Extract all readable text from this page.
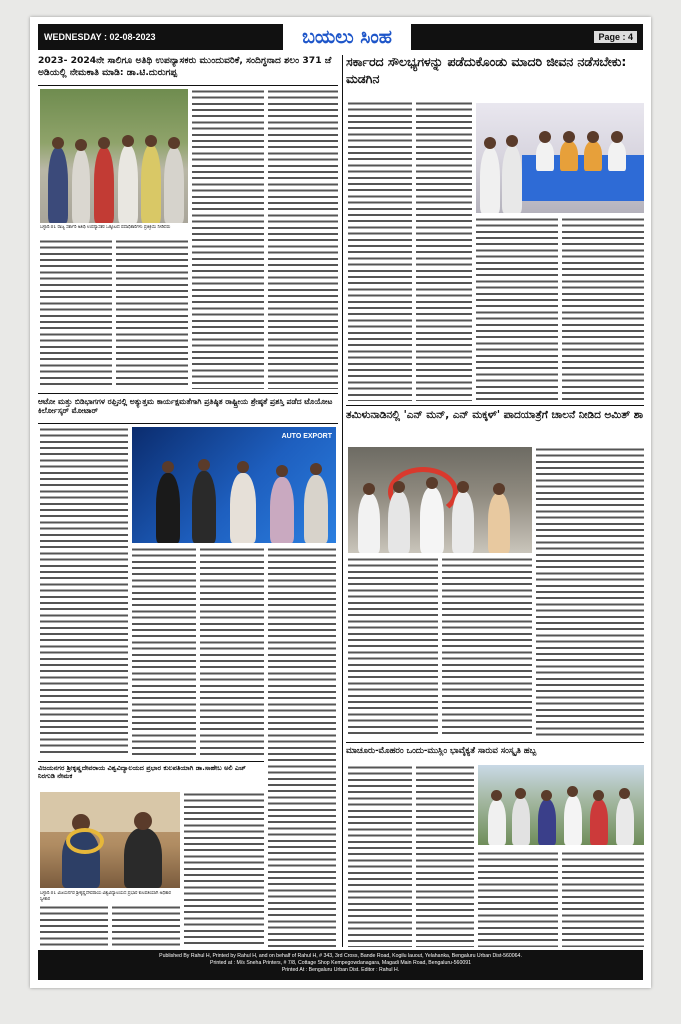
WEDNESDAY : 02-08-2023	ಬಯಲು ಸಿಂಹ	Page : 4
2023- 2024ನೇ ಸಾಲಿಗೂ ಅತಿಥಿ ಉಪನ್ಯಾಸಕರು ಮುಂದುವರಿಕೆ, ಸಂದಿಗ್ಧನಾದ ಶಲಂ 371 ಜೆ ಅಡಿಯಲ್ಲಿ ನೇಮಕಾತಿ ಮಾಡಿ: ಡಾ.ಟಿ.ದುರುಗಪ್ಪ
ಬಳ್ಳಾರಿ.01 ರಾಜ್ಯ ಸರ್ಕಾರಿ ಅತಿಥಿ ಉಪನ್ಯಾಸಕರ ಒಕ್ಕೂಟದ ಪದಾಧಿಕಾರಿಗಳು ಪ್ರತಿಕ್ರಿಯೆ ನೀಡಿದರು
ಆಟೋ ಮತ್ತು ಬಿಡಿಭಾಗಗಳ ರಫ್ತಿನಲ್ಲಿ ಅತ್ಯುತ್ತಮ ಕಾರ್ಯಕ್ಷಮತೆಗಾಗಿ ಪ್ರತಿಷ್ಠಿತ ರಾಷ್ಟ್ರೀಯ ಶ್ರೇಷ್ಠತೆ ಪ್ರಶಸ್ತಿ ಪಡೆದ ಟೊಯೋಟ ಕಿರ್ಲೋಸ್ಕರ್ ಮೋಟಾರ್
AUTO EXPORT
ವಿಜಯನಗರ ಶ್ರೀಕೃಷ್ಣದೇವರಾಯ ವಿಶ್ವವಿದ್ಯಾಲಯದ ಪ್ರಭಾರ ಕುಲಪತಿಯಾಗಿ ಡಾ.ಸಾಹೇಬ ಅಲಿ ಎಚ್ ನಿರಗುಡಿ ನೇಮಕ
ಬಳ್ಳಾರಿ.01 ವಿಜಯನಗರ ಶ್ರೀಕೃಷ್ಣದೇವರಾಯ ವಿಶ್ವವಿದ್ಯಾಲಯದ ಪ್ರಭಾರ ಕುಲಪತಿಯಾಗಿ ಅಧಿಕಾರ ಸ್ವೀಕಾರ
ಸರ್ಕಾರದ ಸೌಲಭ್ಯಗಳನ್ನು ಪಡೆದುಕೊಂಡು ಮಾದರಿ ಜೀವನ ನಡೆಸಬೇಕು: ಮಡಗಿನ
ತಮಿಳುನಾಡಿನಲ್ಲಿ 'ಎನ್ ಮನ್, ಎನ್ ಮಕ್ಕಳ್' ಪಾದಯಾತ್ರೆಗೆ ಚಾಲನೆ ನೀಡಿದ ಅಮಿತ್ ಶಾ
ಮಾಚೂರು-ಮೊಹರಂ ಒಂದು-ಮುಸ್ಲಿಂ ಭಾವೈಕ್ಯತೆ ಸಾರುವ ಸಂಸ್ಕೃತಿ ಹಬ್ಬ
Published By Rahul H, Printed by Rahul H, and on behalf of Rahul H, # 343, 3rd Cross, Bande Road, Kogilu lauout, Yelahanka, Bengaluru Urban Dist-560064.
Printed at : M/s Sneha Printers, # 7/8, Cottage Shop Kempegowdanagara, Magadi Main Road, Bengaluru-560091
Printed At : Bengaluru Urban Dist. Editor : Rahul H.
